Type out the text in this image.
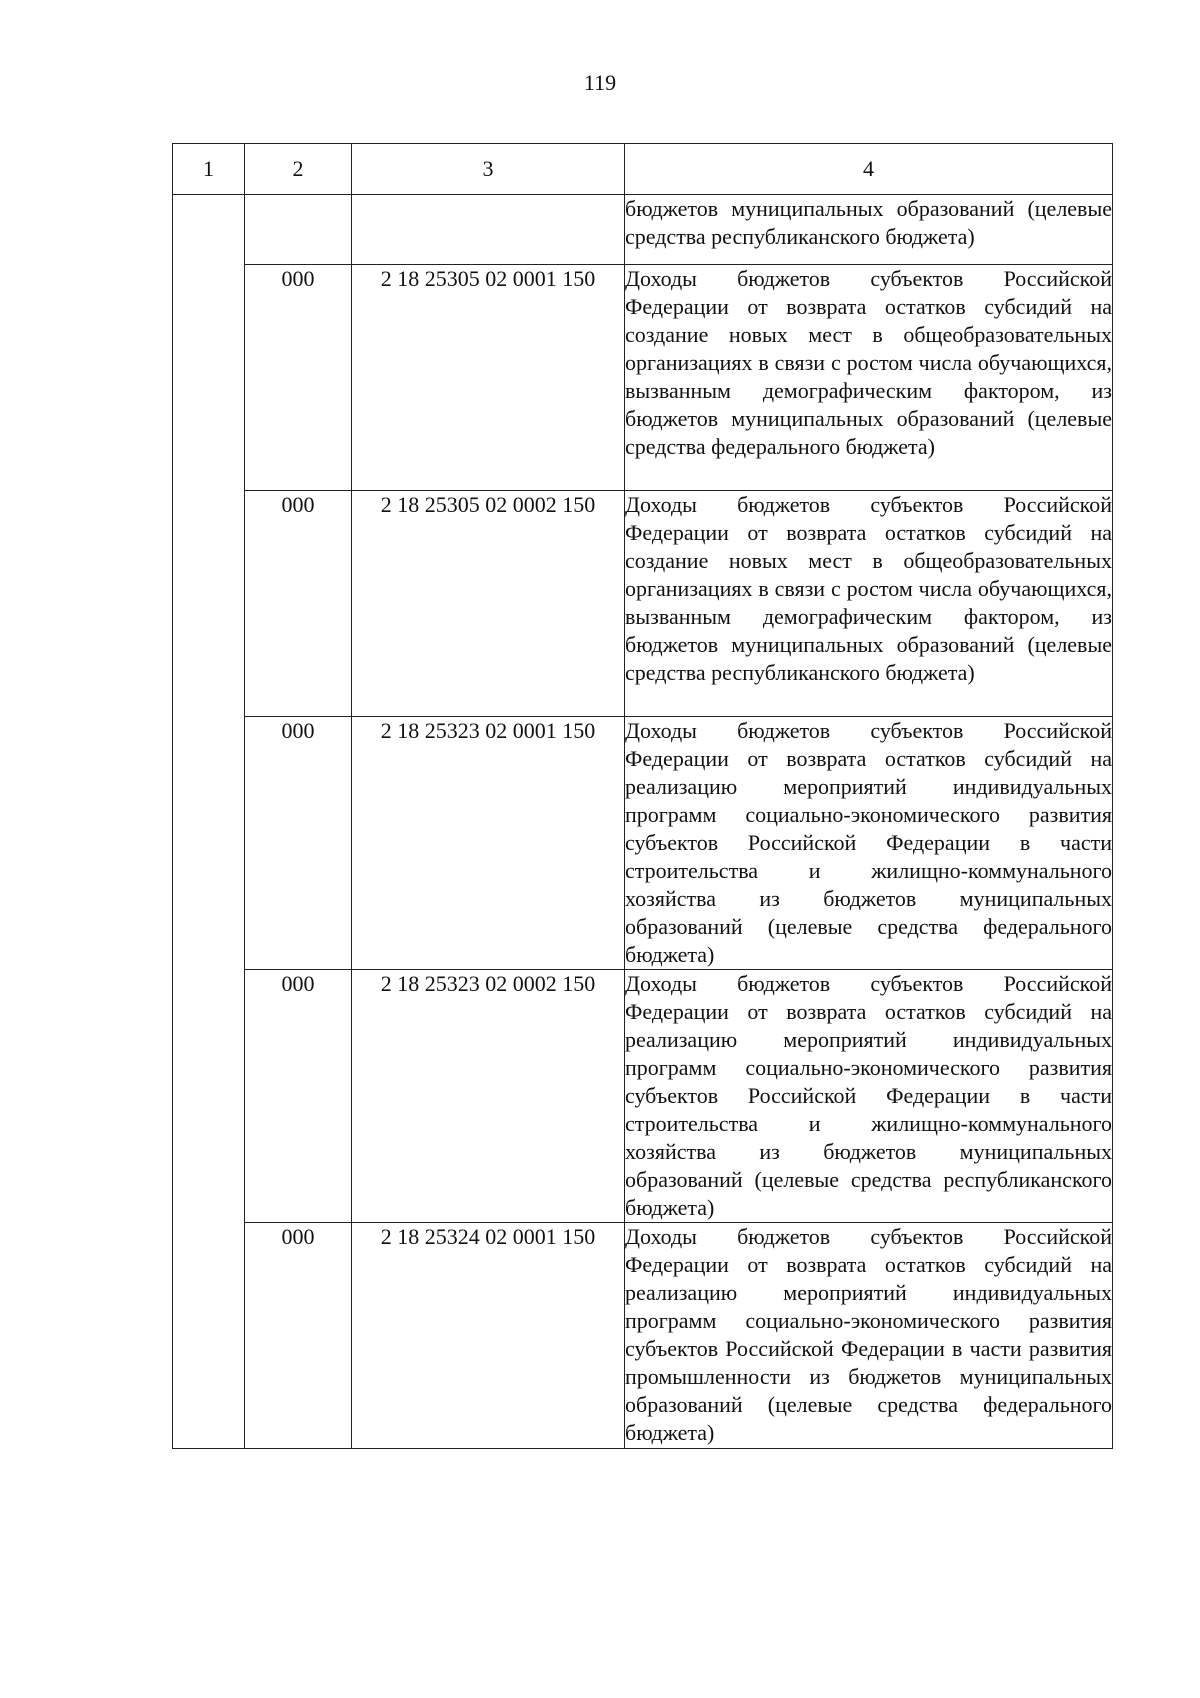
119
1	2	3	4
			бюджетов муниципальных образований (целевые средства республиканского бюджета)
	000	2 18 25305 02 0001 150	Доходы бюджетов субъектов Российской Федерации от возврата остатков субсидий на создание новых мест в общеобразовательных организациях в связи с ростом числа обучающихся, вызванным демографическим фактором, из бюджетов муниципальных образований (целевые средства федерального бюджета)
	000	2 18 25305 02 0002 150	Доходы бюджетов субъектов Российской Федерации от возврата остатков субсидий на создание новых мест в общеобразовательных организациях в связи с ростом числа обучающихся, вызванным демографическим фактором, из бюджетов муниципальных образований (целевые средства республиканского бюджета)
	000	2 18 25323 02 0001 150	Доходы бюджетов субъектов Российской Федерации от возврата остатков субсидий на реализацию мероприятий индивидуальных программ социально-экономического развития субъектов Российской Федерации в части строительства и жилищно-коммунального хозяйства из бюджетов муниципальных образований (целевые средства федерального бюджета)
	000	2 18 25323 02 0002 150	Доходы бюджетов субъектов Российской Федерации от возврата остатков субсидий на реализацию мероприятий индивидуальных программ социально-экономического развития субъектов Российской Федерации в части строительства и жилищно-коммунального хозяйства из бюджетов муниципальных образований (целевые средства республиканского бюджета)
	000	2 18 25324 02 0001 150	Доходы бюджетов субъектов Российской Федерации от возврата остатков субсидий на реализацию мероприятий индивидуальных программ социально-экономического развития субъектов Российской Федерации в части развития промышленности из бюджетов муниципальных образований (целевые средства федерального бюджета)
